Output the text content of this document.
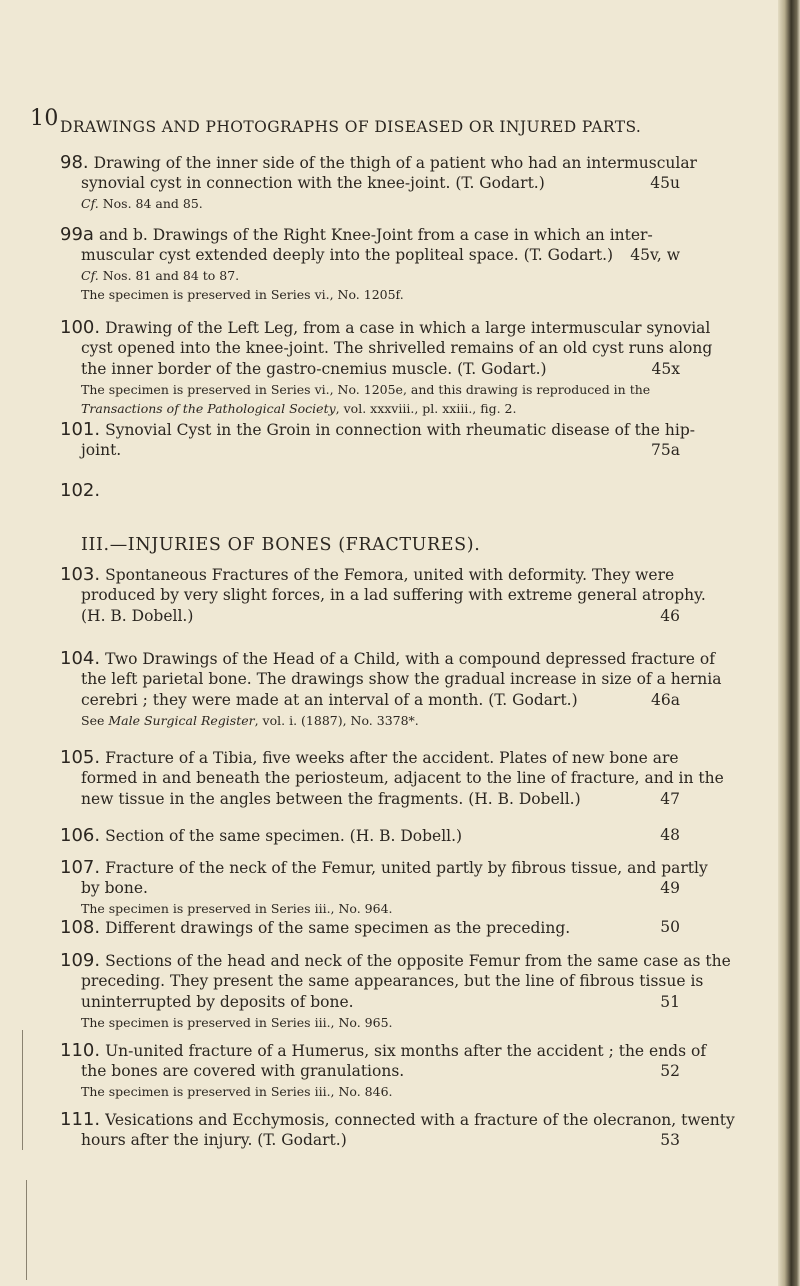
10 DRAWINGS AND PHOTOGRAPHS OF DISEASED OR INJURED PARTS.
III.—INJURIES OF BONES (FRACTURES).
98. Drawing of the inner side of the thigh of a patient who had an intermuscular
synovial cyst in connection with the knee-joint. (T. Godart.)	45u
Cf. Nos. 84 and 85.
99a and b. Drawings of the Right Knee-Joint from a case in which an inter-
muscular cyst extended deeply into the popliteal space. (T. Godart.) 45v, w
Cf. Nos. 81 and 84 to 87.
The specimen is preserved in Series vi., No. 1205f.
100. Drawing of the Left Leg, from a case in which a large intermuscular synovial
cyst opened into the knee-joint. The shrivelled remains of an old cyst runs along
the inner border of the gastro-cnemius muscle. (T. Godart.)	45x
The specimen is preserved in Series vi., No. 1205e, and this drawing is reproduced in the
Transactions of the Pathological Society, vol. xxxviii., pl. xxiii., fig. 2.
101. Synovial Cyst in the Groin in connection with rheumatic disease of the hip-
joint.	75a
102.
103. Spontaneous Fractures of the Femora, united with deformity. They were
produced by very slight forces, in a lad suffering with extreme general atrophy.
(H. B. Dobell.)	46
104. Two Drawings of the Head of a Child, with a compound depressed fracture of
the left parietal bone. The drawings show the gradual increase in size of a hernia
cerebri ; they were made at an interval of a month. (T. Godart.)	46a
See Male Surgical Register, vol. i. (1887), No. 3378*.
105. Fracture of a Tibia, five weeks after the accident. Plates of new bone are
formed in and beneath the periosteum, adjacent to the line of fracture, and in the
new tissue in the angles between the fragments. (H. B. Dobell.)	47
106. Section of the same specimen. (H. B. Dobell.)	48
107. Fracture of the neck of the Femur, united partly by fibrous tissue, and partly
by bone.	49
The specimen is preserved in Series iii., No. 964.
108. Different drawings of the same specimen as the preceding.	50
109. Sections of the head and neck of the opposite Femur from the same case as the
preceding. They present the same appearances, but the line of fibrous tissue is
uninterrupted by deposits of bone.	51
The specimen is preserved in Series iii., No. 965.
110. Un-united fracture of a Humerus, six months after the accident ; the ends of
the bones are covered with granulations.	52
The specimen is preserved in Series iii., No. 846.
111. Vesications and Ecchymosis, connected with a fracture of the olecranon, twenty
hours after the injury. (T. Godart.)	53
